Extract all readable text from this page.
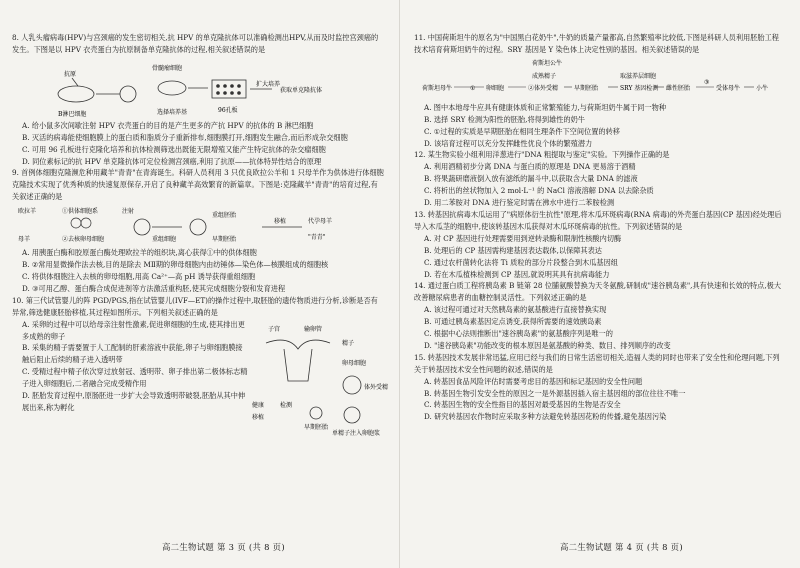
8. 人乳头瘤病毒(HPV)与宫颈癌的发生密切相关,抗 HPV 的单克隆抗体可以准确检测出HPV,从而及时监控宫颈癌的发生。下图是以 HPV 衣壳蛋白为抗原制备单克隆抗体的过程,相关叙述错误的是

抗原
B淋巴细胞
骨髓瘤细胞
选择培养基	96孔板
扩大培养
获取单克隆抗体

A. 给小鼠多次间歇注射 HPV 衣壳蛋白的目的是产生更多的产抗 HPV 的抗体的 B 淋巴细胞

B. 灭活的病毒能使细胞膜上的蛋白质和脂质分子重新排布,细胞膜打开,细胞发生融合,而后形成杂交细胞

C. 可用 96 孔板进行克隆化培养和抗体检测筛选出既能无限增殖又能产生特定抗体的杂交瘤细胞

D. 同位素标记的抗 HPV 单克隆抗体可定位检测宫颈癌,利用了抗原——抗体特异性结合的原理

9. 首例体细胞克隆濒危种用藏羊"青青"在青海诞生。科研人员利用 3 只优良欧拉公羊和 1 只母羊作为供体进行体细胞克隆技术实现了优秀种质的快速复原保存,开启了良种藏羊高效繁育的新篇章。下图是:克隆藏羊"青青"的培育过程,有关叙述正确的是

欧拉羊	①供体细胞系	注射
母羊	②去核卵母细胞	重组细胞
重组胚胎
早期胚胎
移植	代孕母羊
"青青"

A. 用胰蛋白酶和胶原蛋白酶处理欧拉羊的组织块,离心获得①中的供体细胞

B. ②常用显微操作法去核,目的是除去 MⅡ期的卵母细胞内由纺锤体—染色体—核膜组成的细胞核

C. 将供体细胞注入去核的卵母细胞,用高 Ca²⁺—高 pH 诱导获得重组细胞

D. ③可用乙醇、蛋白酶合成促进剂等方法激活重构胚,使其完成细胞分裂和发育进程

10. 第三代试管婴儿的阵 PGD/PGS,指在试管婴儿(IVF—ET)的操作过程中,取胚胎的遗传物质进行分析,诊断是否有异常,筛选健康胚胎移植,其过程如图所示。下列相关叙述正确的是

A. 采卵的过程中可以给母亲注射性激素,促进卵细胞的生成,使其排出更多成熟的卵子

B. 采集的精子需要置于人工配制的肝素溶液中获能,卵子与卵细胞膜接触后阻止后续的精子进入透明带

C. 受精过程中精子依次穿过放射冠、透明带、卵子排出第二极体标志精子进入卵细胞后,二者融合完成受精作用

D. 胚胎发育过程中,原肠胚进一步扩大会导致透明带破裂,胚胎从其中伸展出来,称为孵化

子宫	输卵管
精子
卵母细胞
体外受精
健康	检测
移植
早期胚胎
单精子注入卵胞浆
高二生物试题 第 3 页 (共 8 页)

11. 中国荷斯坦牛的原名为"中国黑白花奶牛",牛奶的质量产量都高,自然繁殖率比较低,下图是科研人员利用胚胎工程技术培育荷斯坦奶牛的过程。SRY 基因是 Y 染色体上决定性别的基因。相关叙述错误的是

荷斯坦公牛
荷斯坦母牛	① 卵细胞
成熟精子
②体外受精	早期胚胎
取滋养层细胞
SRY 基因检测 雌性胚胎
③
受体母牛	小牛

A. 图中本地母牛应具有健康体质和正常繁殖能力,与荷斯坦奶牛属于同一物种

B. 选择 SRY 检测为阳性的胚胎,将得到雄性的奶牛

C. ①过程的实质是早期胚胎在相同生理条件下空间位置的转移

D. 该培育过程可以充分发挥雌性优良个体的繁殖潜力

12. 某生物实验小组利用洋葱进行"DNA 粗提取与鉴定"实验。下列操作正确的是

A. 利用酒精初步分离 DNA 与蛋白质的原理是 DNA 更易溶于酒精

B. 将果蔬研磨液倒入放有滤纸的漏斗中,以获取含大量 DNA 的滤液

C. 将析出的丝状物加入 2 mol·L⁻¹ 的 NaCl 溶液溶解 DNA 以去除杂质

D. 用二苯胺对 DNA 进行鉴定时需在沸水中进行二苯胺检测

13. 转基因抗病毒木瓜运用了"病原体衍生抗性"原理,将木瓜环斑病毒(RNA 病毒)的外壳蛋白基因(CP 基因)经处理后导入木瓜茎的细胞中,使该转基因木瓜获得对木瓜环斑病毒的抗性。下列叙述错误的是

A. 对 CP 基因进行处理需要用到逆转录酶和限制性核酸内切酶

B. 处理后的 CP 基因需构建基因表达载体,以保障其表达

C. 通过农杆菌转化法将 Ti 质粒的部分片段整合到木瓜基因组

D. 若在木瓜植株检测到 CP 基因,就说明其具有抗病毒能力

14. 通过蛋白质工程将胰岛素 B 链第 28 位脯氨酸替换为天冬氨酸,研制成"速谷胰岛素",具有快速和长效的特点,极大改善糖尿病患者的血糖控制灵活性。下列叙述正确的是

A. 该过程可通过对天然胰岛素的氨基酸进行直接替换实现

B. 可通过胰岛素基因定点诱变,获得所需要的速效胰岛素

C. 根据中心法则推断出"速谷胰岛素"的氨基酸序列是唯一的

D. "速谷胰岛素"功能改变的根本原因是氨基酸的种类、数目、排列顺序的改变

15. 转基因技术发展非常迅猛,应用已经与我们的日常生活密切相关,造福人类的同时也带来了安全性和伦理问题,下列关于转基因技术安全性问题的叙述,错误的是

A. 转基因食品风险评估时需要考虑目的基因和标记基因的安全性问题

B. 转基因生物引发安全性的原因之一是外源基因插入宿主基因组的部位往往不唯一

C. 转基因生物的安全性指目的基因对最受基因的生物是否安全

D. 研究转基因农作物时应采取多种方法避免转基因花粉的传播,避免基因污染

高二生物试题 第 4 页 (共 8 页)
